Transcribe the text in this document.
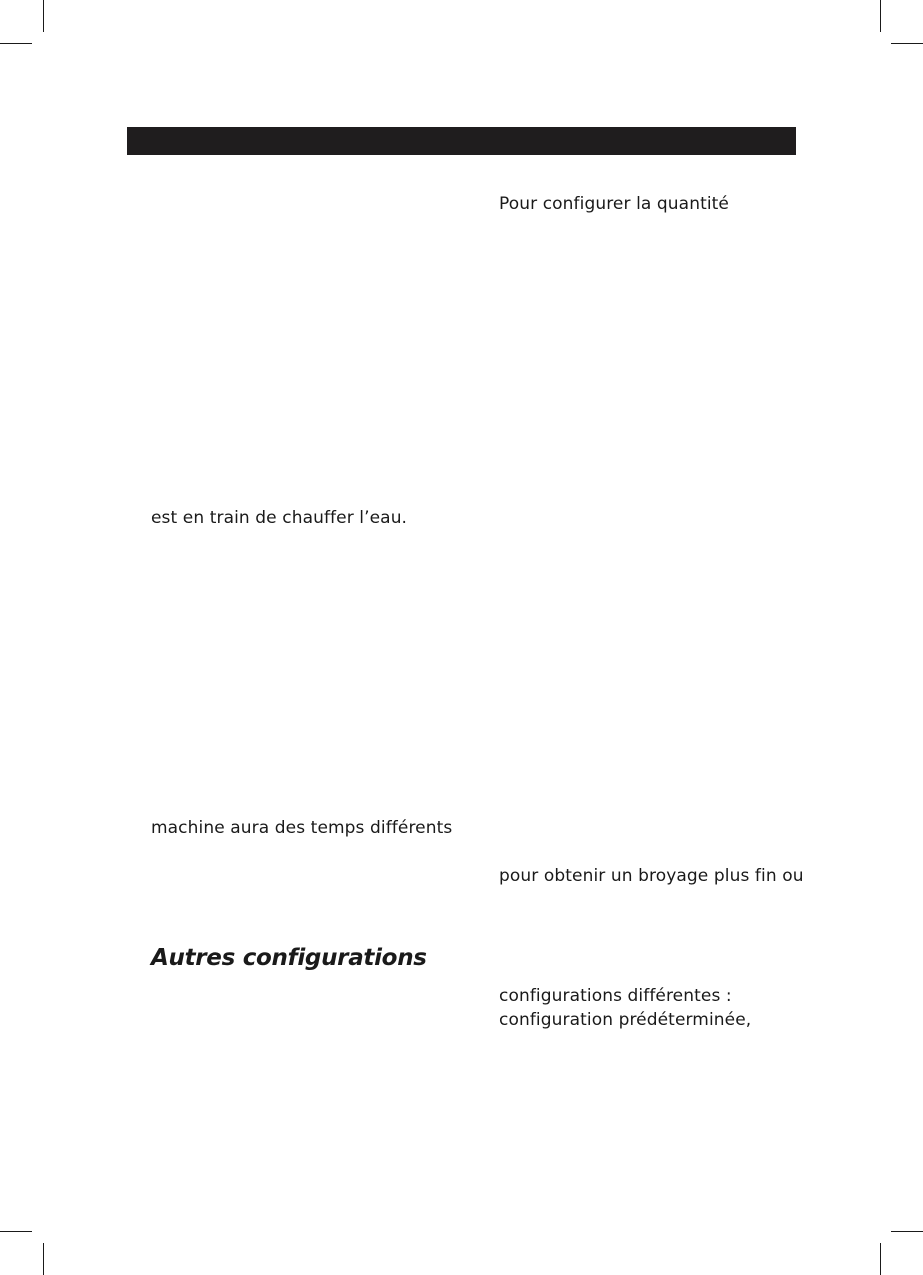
Pour configurer la quantité
pour obtenir un broyage plus fin ou
configurations différentes :
configuration prédéterminée,
est en train de chauffer l’eau.
machine aura des temps différents
Autres configurations
